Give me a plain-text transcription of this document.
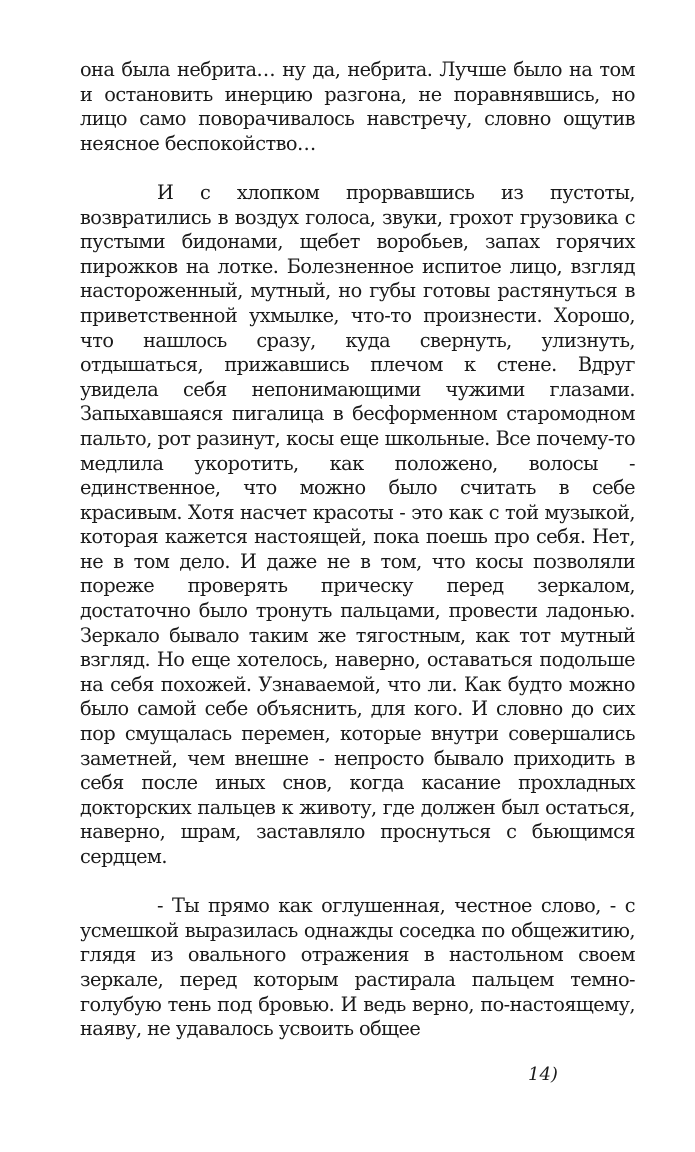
она была небрита… ну да, небрита. Лучше было на том и остановить инерцию разгона, не поравнявшись, но лицо само поворачивалось навстречу, словно ощутив неясное беспокойство…

И с хлопком прорвавшись из пустоты, возвратились в воздух голоса, звуки, грохот грузовика с пустыми бидонами, щебет воробьев, запах горячих пирожков на лотке. Болезненное испитое лицо, взгляд настороженный, мутный, но губы готовы растянуться в приветственной ухмылке, что-то произнести. Хорошо, что нашлось сразу, куда свернуть, улизнуть, отдышаться, прижавшись плечом к стене. Вдруг увидела себя непонимающими чужими глазами. Запыхавшаяся пигалица в бесформенном старомодном пальто, рот разинут, косы еще школьные. Все почему-то медлила укоротить, как положено, волосы - единственное, что можно было считать в себе красивым. Хотя насчет красоты - это как с той музыкой, которая кажется настоящей, пока поешь про себя. Нет, не в том дело. И даже не в том, что косы позволяли пореже проверять прическу перед зеркалом, достаточно было тронуть пальцами, провести ладонью. Зеркало бывало таким же тягостным, как тот мутный взгляд. Но еще хотелось, наверно, оставаться подольше на себя похожей. Узнаваемой, что ли. Как будто можно было самой себе объяснить, для кого. И словно до сих пор смущалась перемен, которые внутри совершались заметней, чем внешне - непросто бывало приходить в себя после иных снов, когда касание прохладных докторских пальцев к животу, где должен был остаться, наверно, шрам, заставляло проснуться с бьющимся сердцем.

- Ты прямо как оглушенная, честное слово, - с усмешкой выразилась однажды соседка по общежитию, глядя из овального отражения в настольном своем зеркале, перед которым растирала пальцем темно-голубую тень под бровью. И ведь верно, по-настоящему, наяву, не удавалось усвоить общее

14)
